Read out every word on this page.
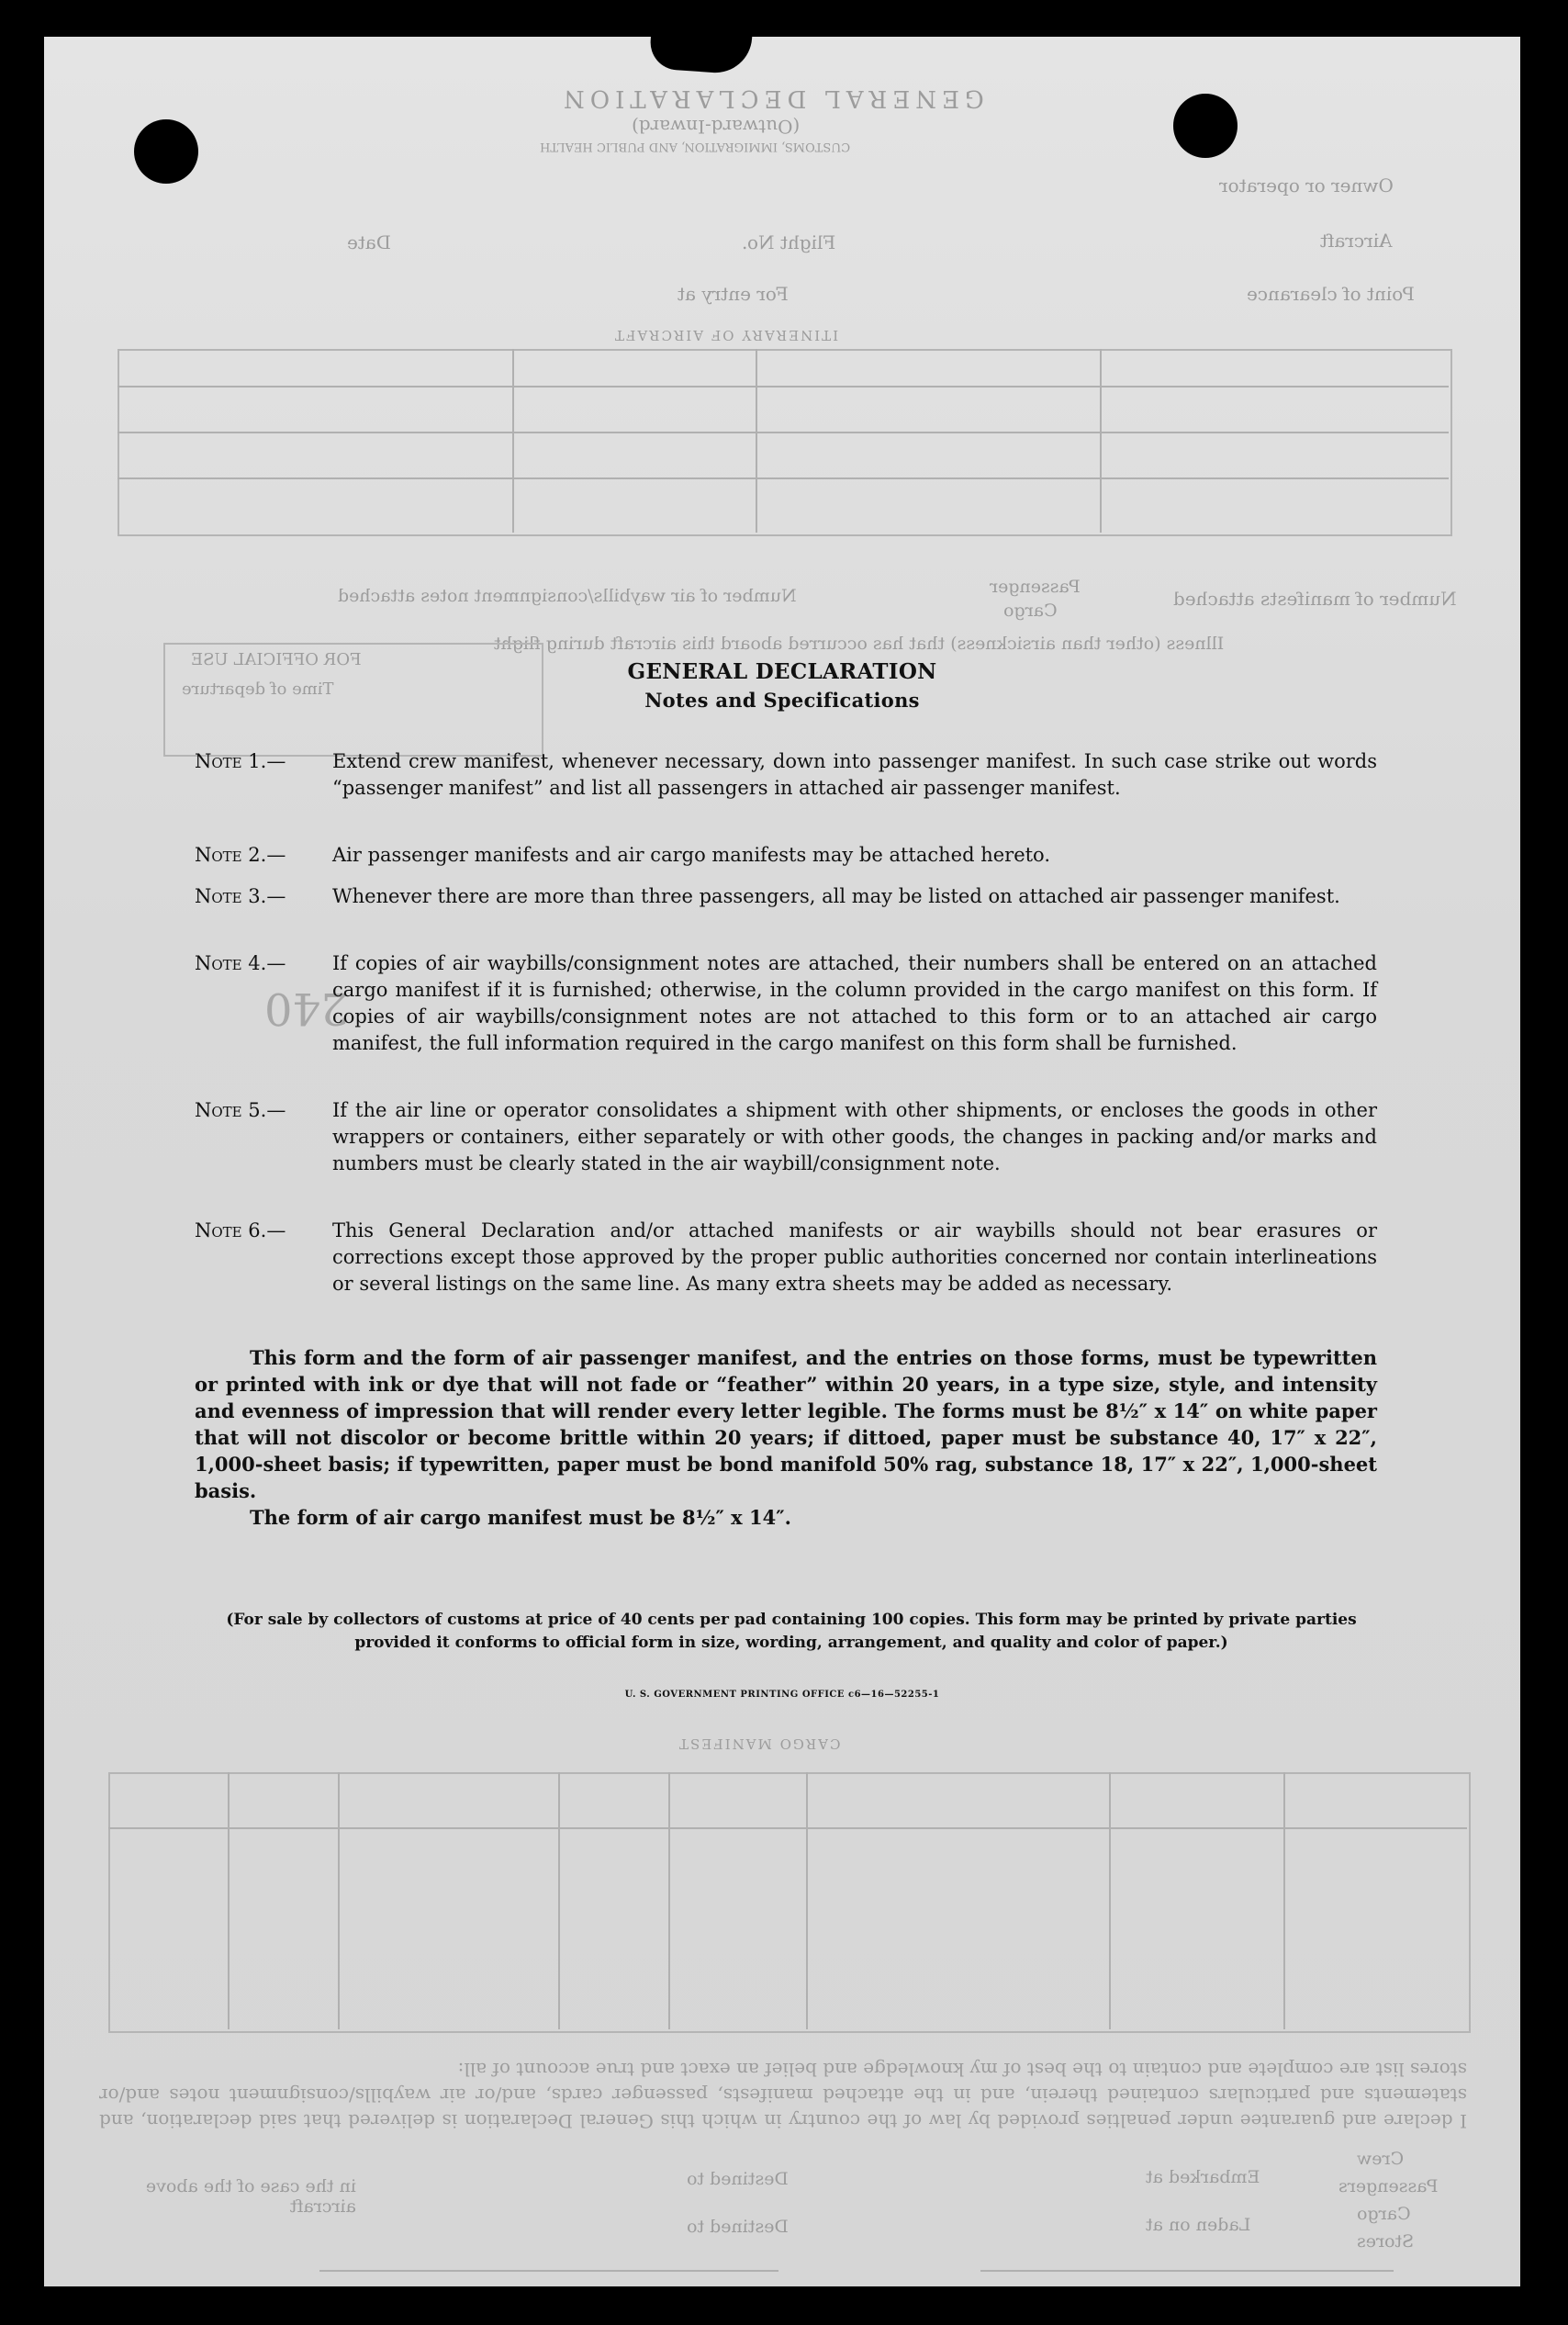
GENERAL DECLARATION
(Outward-Inward)
CUSTOMS, IMMIGRATION, AND PUBLIC HEALTH
Owner or operator
Aircraft
Flight No.
Date
Point of clearance
For entry at
ITINERARY OF AIRCRAFT
Number of manifests attached
Passenger
Cargo
Number of air waybills/consignment notes attached
Illness (other than airsickness) that has occurred aboard this aircraft during flight
FOR OFFICIAL USE
Time of departure
240
CARGO MANIFEST
I declare and guarantee under penalties provided by law of the country in which this General Declaration is delivered that said declaration, and statements and particulars contained therein, and in the attached manifests, passenger cards, and/or air waybills/consignment notes and/or stores list are complete and contain to the best of my knowledge and belief an exact and true account of all:
Crew
Passengers
Cargo
Stores
Embarked at
Laden on at
Destined to
Destined to
in the case of the above aircraft
GENERAL DECLARATION
Notes and Specifications
Note 1.—	Extend crew manifest, whenever necessary, down into passenger manifest. In such case strike out words “passenger manifest” and list all passengers in attached air passenger manifest.
Note 2.—	Air passenger manifests and air cargo manifests may be attached hereto.
Note 3.—	Whenever there are more than three passengers, all may be listed on attached air passenger manifest.
Note 4.—	If copies of air waybills/consignment notes are attached, their numbers shall be entered on an attached cargo manifest if it is furnished; otherwise, in the column provided in the cargo manifest on this form. If copies of air waybills/consignment notes are not attached to this form or to an attached air cargo manifest, the full information required in the cargo manifest on this form shall be furnished.
Note 5.—	If the air line or operator consolidates a shipment with other shipments, or encloses the goods in other wrappers or containers, either separately or with other goods, the changes in packing and/or marks and numbers must be clearly stated in the air waybill/consignment note.
Note 6.—	This General Declaration and/or attached manifests or air waybills should not bear erasures or corrections except those approved by the proper public authorities concerned nor contain interlineations or several listings on the same line. As many extra sheets may be added as necessary.
This form and the form of air passenger manifest, and the entries on those forms, must be typewritten or printed with ink or dye that will not fade or “feather” within 20 years, in a type size, style, and intensity and evenness of impression that will render every letter legible. The forms must be 8½″ x 14″ on white paper that will not discolor or become brittle within 20 years; if dittoed, paper must be substance 40, 17″ x 22″, 1,000-sheet basis; if typewritten, paper must be bond manifold 50% rag, substance 18, 17″ x 22″, 1,000-sheet basis.
The form of air cargo manifest must be 8½″ x 14″.
(For sale by collectors of customs at price of 40 cents per pad containing 100 copies. This form may be printed by private parties provided it conforms to official form in size, wording, arrangement, and quality and color of paper.)
U. S. GOVERNMENT PRINTING OFFICE c6—16—52255-1
